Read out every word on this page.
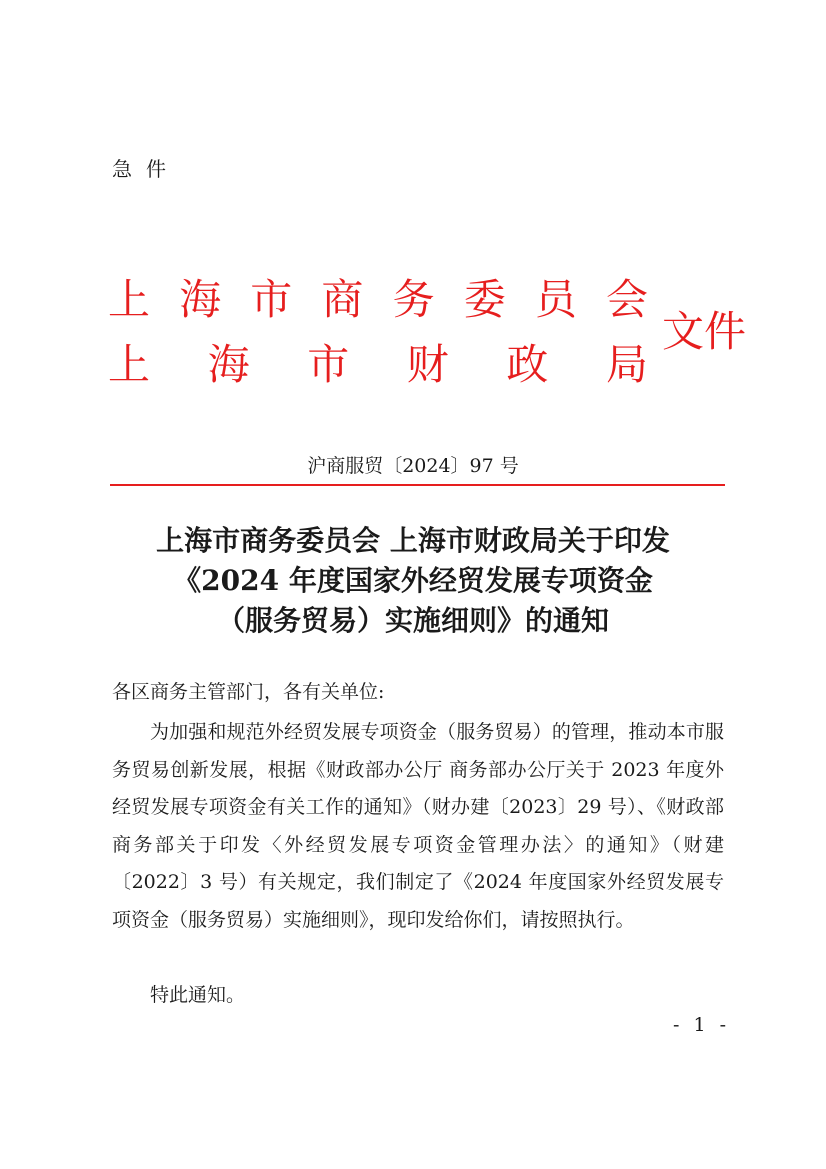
急件
上 海 市 商 务 委 员 会
上 海 市 财 政 局
文件
沪商服贸〔2024〕97 号
上海市商务委员会 上海市财政局关于印发
《2024 年度国家外经贸发展专项资金
（服务贸易）实施细则》的通知
各区商务主管部门，各有关单位:

为加强和规范外经贸发展专项资金（服务贸易）的管理，推动本市服务贸易创新发展，根据《财政部办公厅 商务部办公厅关于 2023 年度外经贸发展专项资金有关工作的通知》（财办建〔2023〕29 号）、《财政部 商务部关于印发〈外经贸发展专项资金管理办法〉的通知》（财建〔2022〕3 号）有关规定，我们制定了《2024 年度国家外经贸发展专项资金（服务贸易）实施细则》，现印发给你们，请按照执行。

特此通知。
- 1 -
